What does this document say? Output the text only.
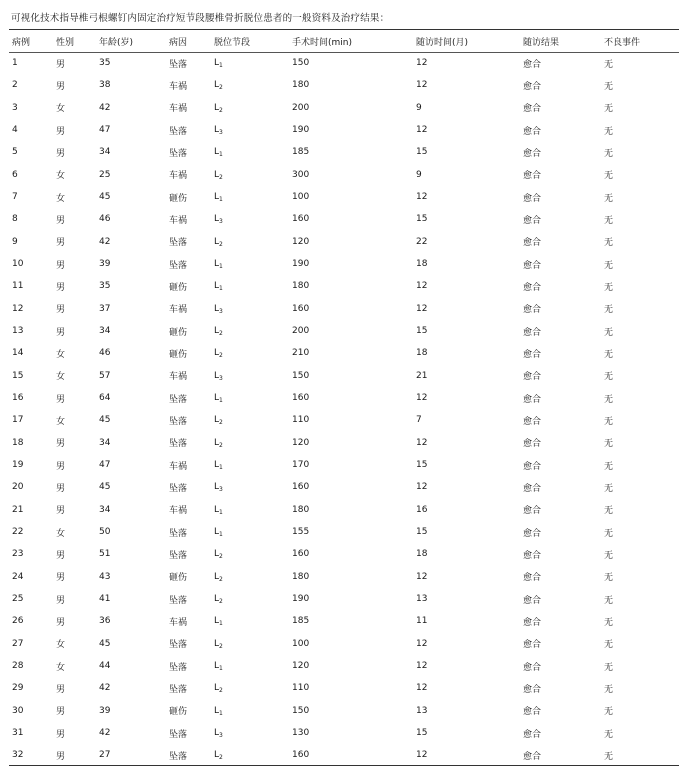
可视化技术指导椎弓根螺钉内固定治疗短节段腰椎骨折脱位患者的一般资料及治疗结果：
病例	性别	年龄(岁)	病因	脱位节段	手术时间(min)	随访时间(月)	随访结果	不良事件
1	男	35	坠落	$L_1$	150	12	愈合	无
2	男	38	车祸	$L_2$	180	12	愈合	无
3	女	42	车祸	$L_2$	200	9	愈合	无
4	男	47	坠落	$L_3$	190	12	愈合	无
5	男	34	坠落	$L_1$	185	15	愈合	无
6	女	25	车祸	$L_2$	300	9	愈合	无
7	女	45	砸伤	$L_1$	100	12	愈合	无
8	男	46	车祸	$L_3$	160	15	愈合	无
9	男	42	坠落	$L_2$	120	22	愈合	无
10	男	39	坠落	$L_1$	190	18	愈合	无
11	男	35	砸伤	$L_1$	180	12	愈合	无
12	男	37	车祸	$L_3$	160	12	愈合	无
13	男	34	砸伤	$L_2$	200	15	愈合	无
14	女	46	砸伤	$L_2$	210	18	愈合	无
15	女	57	车祸	$L_3$	150	21	愈合	无
16	男	64	坠落	$L_1$	160	12	愈合	无
17	女	45	坠落	$L_2$	110	7	愈合	无
18	男	34	坠落	$L_2$	120	12	愈合	无
19	男	47	车祸	$L_1$	170	15	愈合	无
20	男	45	坠落	$L_3$	160	12	愈合	无
21	男	34	车祸	$L_1$	180	16	愈合	无
22	女	50	坠落	$L_1$	155	15	愈合	无
23	男	51	坠落	$L_2$	160	18	愈合	无
24	男	43	砸伤	$L_2$	180	12	愈合	无
25	男	41	坠落	$L_2$	190	13	愈合	无
26	男	36	车祸	$L_1$	185	11	愈合	无
27	女	45	坠落	$L_2$	100	12	愈合	无
28	女	44	坠落	$L_1$	120	12	愈合	无
29	男	42	坠落	$L_2$	110	12	愈合	无
30	男	39	砸伤	$L_1$	150	13	愈合	无
31	男	42	坠落	$L_3$	130	15	愈合	无
32	男	27	坠落	$L_2$	160	12	愈合	无
